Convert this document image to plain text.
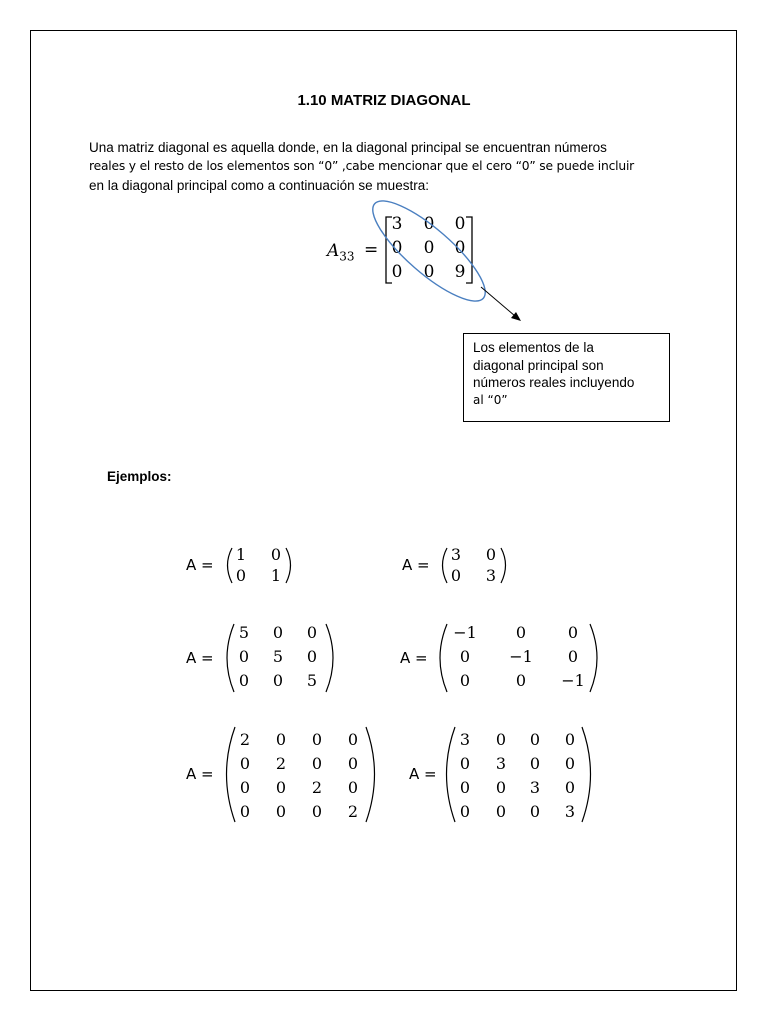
1.10 MATRIZ DIAGONAL
Una matriz diagonal es aquella donde, en la diagonal principal se encuentran números
reales y el resto de los elementos son “0” ,cabe mencionar que el cero “0” se puede incluir
en la diagonal principal como a continuación se muestra:
$A_{33}$ =
3 0 0
0 0 0
0 0 9
Los elementos de la
diagonal principal son
números reales incluyendo
al “0”
Ejemplos:
A =	A =
A =	A =
A =	A =
1 0
0 1
3 0
0 3
5 0 0
0 5 0
0 0 5
−1	0	0
0	−1	0
0	0	−1
2 0 0 0
0 2 0 0
0 0 2 0
0 0 0 2
3 0 0 0
0 3 0 0
0 0 3 0
0 0 0 3
